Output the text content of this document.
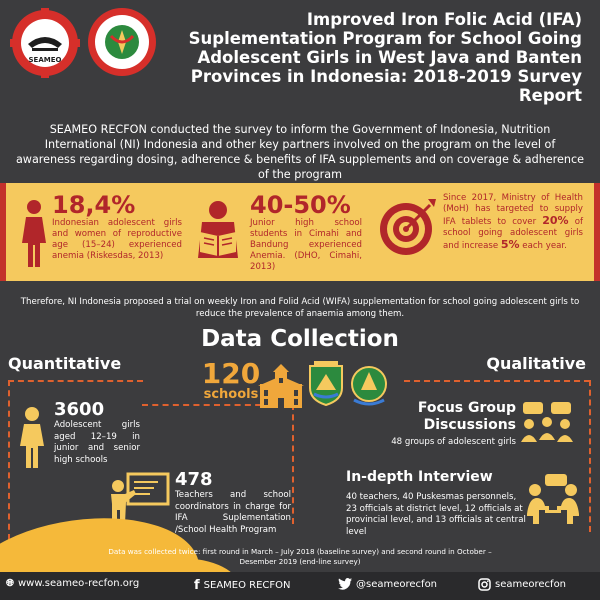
SEAMEO
Improved Iron Folic Acid (IFA) Suplementation Program for School Going Adolescent Girls in West Java and Banten Provinces in Indonesia: 2018-2019 Survey Report
SEAMEO RECFON conducted the survey to inform the Government of Indonesia, Nutrition International (NI) Indonesia and other key partners involved on the program on the level of awareness regarding dosing, adherence & benefits of IFA supplements and on coverage & adherence of the program
18,4%
Indonesian adolescent girls and women of reproductive age (15–24) experienced anemia (Riskesdas, 2013)
40-50%
Junior high school students in Cimahi and Bandung experienced Anemia. (DHO, Cimahi, 2013)
Since 2017, Ministry of Health (MoH) has targeted to supply IFA tablets to cover 20% of school going adolescent girls and increase 5% each year.
Therefore, NI Indonesia proposed a trial on weekly Iron and Folid Acid (WIFA) supplementation for school going adolescent girls to reduce the prevalence of anaemia among them.
Data Collection
Quantitative	Qualitative
120
schools
3600
Adolescent girls aged 12–19 in junior and senior high schools
478
Teachers and school coordinators in charge for IFA Suplementation /School Health Program
Focus Group Discussions
48 groups of adolescent girls
In-depth Interview
40 teachers, 40 Puskesmas personnels, 23 officials at district level, 12 officials at provincial level, and 13 officials at central level
Data was collected twice: first round in March – July 2018 (baseline survey) and second round in October – Desember 2019 (end-line survey)
🌐︎ www.seameo-recfon.org	f SEAMEO RECFON	@seameorecfon	seameorecfon
